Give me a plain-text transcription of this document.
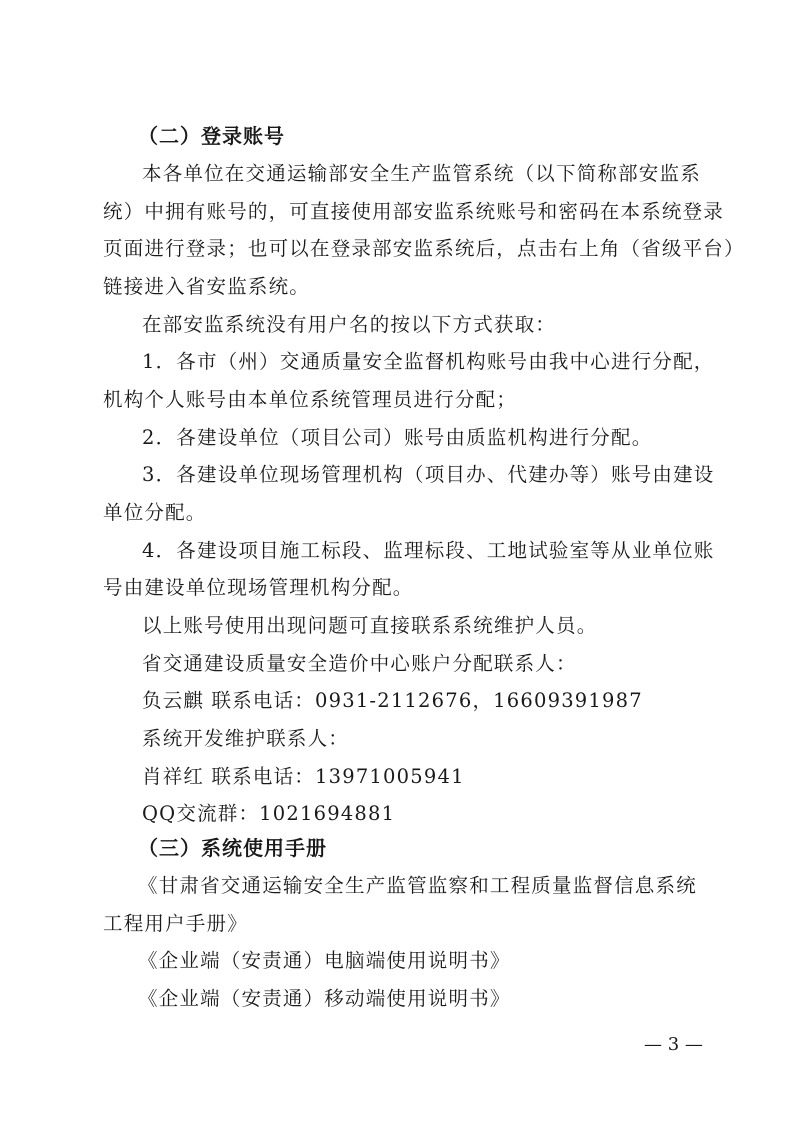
（二）登录账号
本各单位在交通运输部安全生产监管系统（以下简称部安监系
统）中拥有账号的，可直接使用部安监系统账号和密码在本系统登录
页面进行登录；也可以在登录部安监系统后，点击右上角（省级平台）
链接进入省安监系统。
在部安监系统没有用户名的按以下方式获取：
1．各市（州）交通质量安全监督机构账号由我中心进行分配，
机构个人账号由本单位系统管理员进行分配；
2．各建设单位（项目公司）账号由质监机构进行分配。
3．各建设单位现场管理机构（项目办、代建办等）账号由建设
单位分配。
4．各建设项目施工标段、监理标段、工地试验室等从业单位账
号由建设单位现场管理机构分配。
以上账号使用出现问题可直接联系系统维护人员。
省交通建设质量安全造价中心账户分配联系人：
负云麒 联系电话：0931-2112676，16609391987
系统开发维护联系人：
肖祥红 联系电话：13971005941
QQ交流群：1021694881
（三）系统使用手册
《甘肃省交通运输安全生产监管监察和工程质量监督信息系统
工程用户手册》
《企业端（安责通）电脑端使用说明书》
《企业端（安责通）移动端使用说明书》
— 3 —
